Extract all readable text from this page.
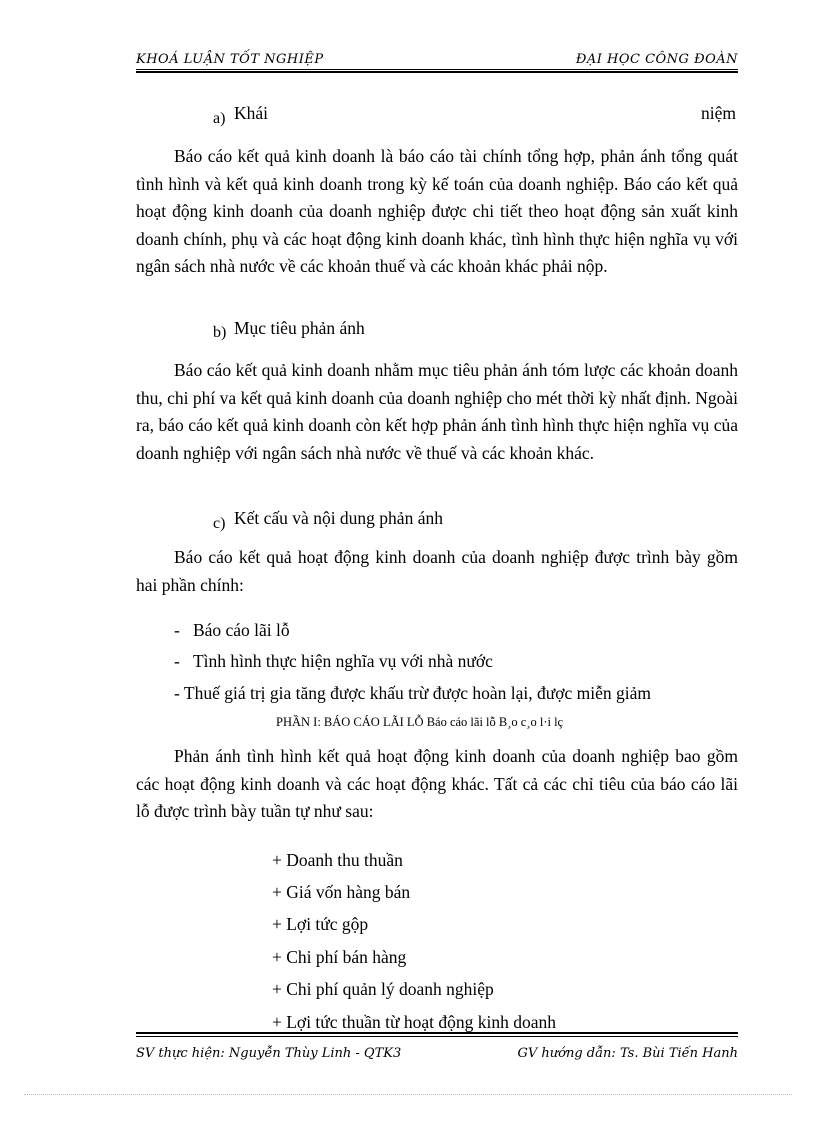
KHOÁ LUẬN TỐT NGHIỆP	ĐẠI HỌC CÔNG ĐOÀN
a) Khái	niệm
Báo cáo kết quả kinh doanh là báo cáo tài chính tổng hợp, phản ánh tổng quát tình hình và kết quả kinh doanh trong kỳ kế toán của doanh nghiệp. Báo cáo kết quả hoạt động kinh doanh của doanh nghiệp được chi tiết theo hoạt động sản xuất kinh doanh chính, phụ và các hoạt động kinh doanh khác, tình hình thực hiện nghĩa vụ với ngân sách nhà nước về các khoản thuế và các khoản khác phải nộp.
b) Mục tiêu phản ánh
Báo cáo kết quả kinh doanh nhằm mục tiêu phản ánh tóm lược các khoản doanh thu, chi phí va kết quả kinh doanh của doanh nghiệp cho mét thời kỳ nhất định. Ngoài ra, báo cáo kết quả kinh doanh còn kết hợp phản ánh tình hình thực hiện nghĩa vụ của doanh nghiệp với ngân sách nhà nước về thuế và các khoản khác.
c) Kết cấu và nội dung phản ánh
Báo cáo kết quả hoạt động kinh doanh của doanh nghiệp được trình bày gồm hai phần chính:
-   Báo cáo lãi lỗ
-   Tình hình thực hiện nghĩa vụ với nhà nước
- Thuế giá trị gia tăng được khấu trừ được hoàn lại, được miễn giảm
PHẦN I: BÁO CÁO LÃI LỖ Báo cáo lãi lỗ B¸o c¸o l·i lç
Phản ánh tình hình kết quả hoạt động kinh doanh của doanh nghiệp bao gồm các hoạt động kinh doanh và các hoạt động khác. Tất cả các chỉ tiêu của báo cáo lãi lỗ được trình bày tuần tự như sau:
+ Doanh thu thuần
+ Giá vốn hàng bán
+ Lợi tức gộp
+ Chi phí bán hàng
+ Chi phí quản lý doanh nghiệp
+ Lợi tức thuần từ hoạt động kinh doanh
SV thực hiện: Nguyễn Thùy Linh - QTK3	GV hướng dẫn: Ts. Bùi Tiến Hanh
